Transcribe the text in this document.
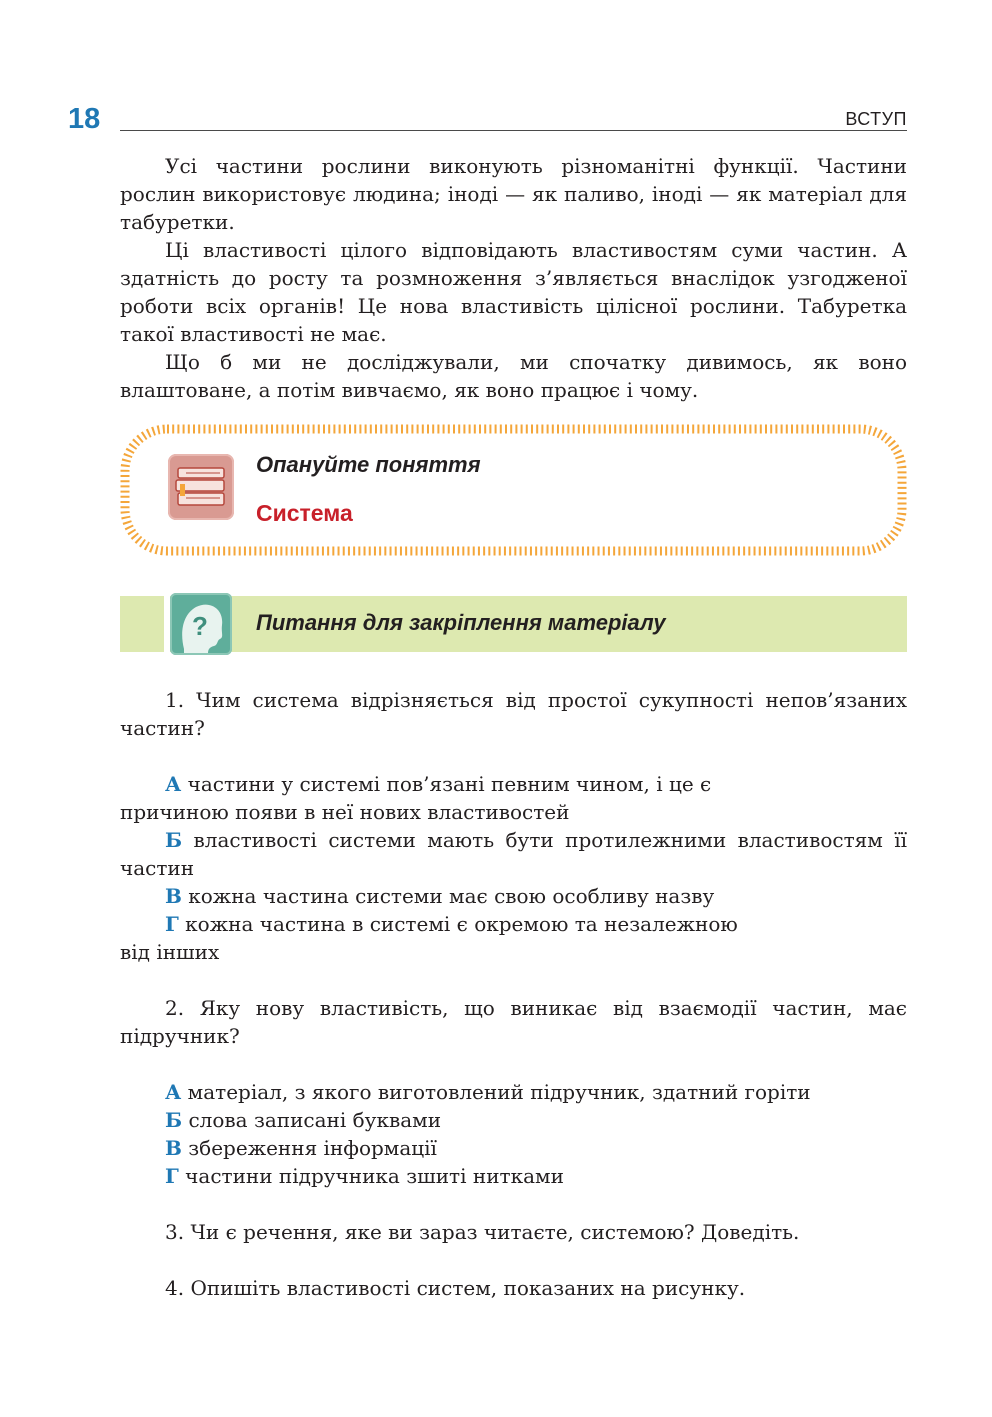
18	ВСТУП

Усі частини рослини виконують різноманітні функції. Частини рослин використовує людина; іноді — як паливо, іноді — як матеріал для табуретки.

Ці властивості цілого відповідають властивостям суми частин. А здатність до росту та розмноження з’являється внаслідок узгодженої роботи всіх органів! Це нова властивість цілісної рослини. Табуретка такої властивості не має.

Що б ми не досліджували, ми спочатку дивимось, як воно влаштоване, а потім вивчаємо, як воно працює і чому.

Опануйте поняття
Система
? Питання для закріплення матеріалу

1. Чим система відрізняється від простої сукупності непов’язаних частин?

А частини у системі пов’язані певним чином, і це є

причиною появи в неї нових властивостей

Б властивості системи мають бути протилежними властивостям її частин

В кожна частина системи має свою особливу назву

Г кожна частина в системі є окремою та незалежною

від інших

2. Яку нову властивість, що виникає від взаємодії частин, має підручник?

А матеріал, з якого виготовлений підручник, здатний горіти

Б слова записані буквами

В збереження інформації

Г частини підручника зшиті нитками

3. Чи є речення, яке ви зараз читаєте, системою? Доведіть.

4. Опишіть властивості систем, показаних на рисунку.
